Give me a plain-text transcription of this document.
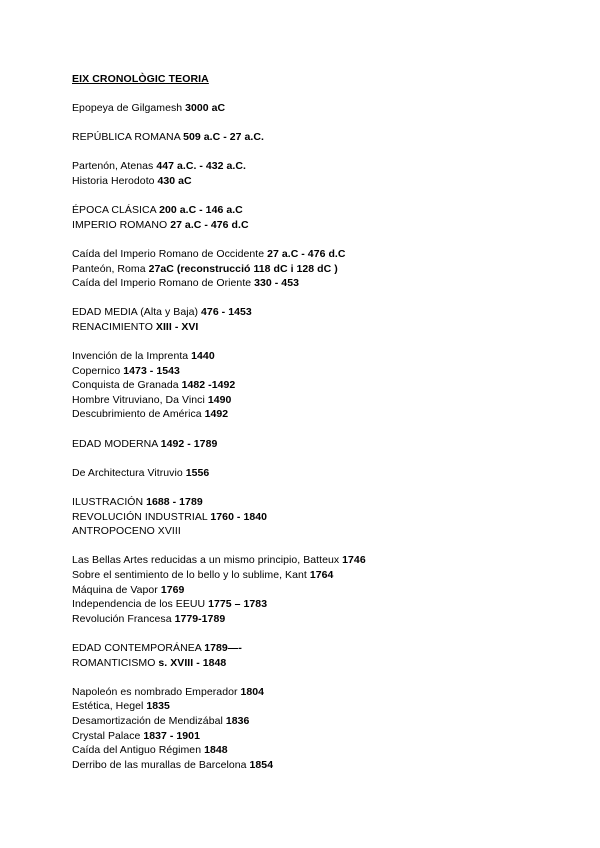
EIX CRONOLÒGIC TEORIA
Epopeya de Gilgamesh 3000 aC
REPÚBLICA ROMANA 509 a.C - 27 a.C.
Partenón, Atenas 447 a.C. - 432 a.C.
Historia Herodoto 430 aC
ÉPOCA CLÁSICA 200 a.C - 146 a.C
IMPERIO ROMANO 27 a.C - 476 d.C
Caída del Imperio Romano de Occidente 27 a.C - 476 d.C
Panteón, Roma 27aC (reconstrucció 118 dC i 128 dC )
Caída del Imperio Romano de Oriente 330 - 453
EDAD MEDIA (Alta y Baja) 476 - 1453
RENACIMIENTO XIII - XVI
Invención de la Imprenta 1440
Copernico 1473 - 1543
Conquista de Granada 1482 -1492
Hombre Vitruviano, Da Vinci 1490
Descubrimiento de América 1492
EDAD MODERNA 1492 - 1789
De Architectura Vitruvio 1556
ILUSTRACIÓN 1688 - 1789
REVOLUCIÓN INDUSTRIAL 1760 - 1840
ANTROPOCENO XVIII
Las Bellas Artes reducidas a un mismo principio, Batteux 1746
Sobre el sentimiento de lo bello y lo sublime, Kant 1764
Máquina de Vapor 1769
Independencia de los EEUU 1775 – 1783
Revolución Francesa 1779-1789
EDAD CONTEMPORÁNEA 1789—-
ROMANTICISMO s. XVIII - 1848
Napoleón es nombrado Emperador 1804
Estética, Hegel 1835
Desamortización de Mendizábal 1836
Crystal Palace 1837 - 1901
Caída del Antiguo Régimen 1848
Derribo de las murallas de Barcelona 1854
